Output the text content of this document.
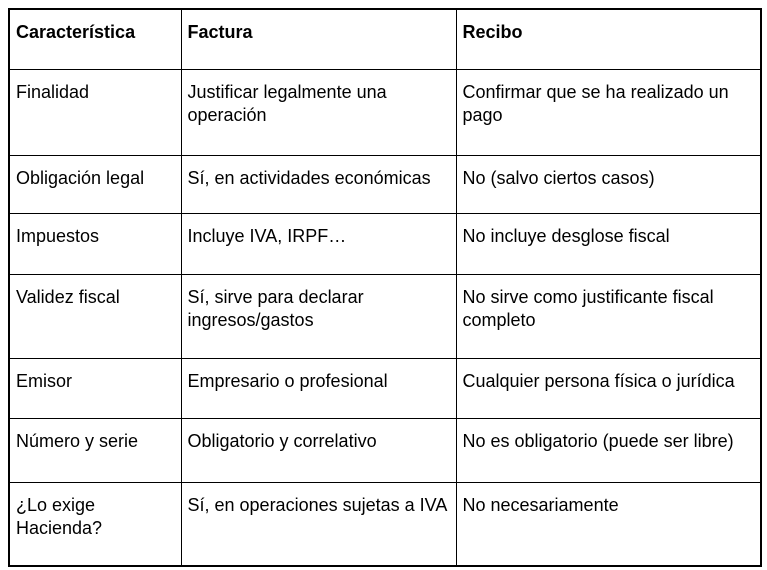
Característica	Factura	Recibo
Finalidad	Justificar legalmente una operación	Confirmar que se ha realizado un pago
Obligación legal	Sí, en actividades económicas	No (salvo ciertos casos)
Impuestos	Incluye IVA, IRPF…	No incluye desglose fiscal
Validez fiscal	Sí, sirve para declarar ingresos/gastos	No sirve como justificante fiscal completo
Emisor	Empresario o profesional	Cualquier persona física o jurídica
Número y serie	Obligatorio y correlativo	No es obligatorio (puede ser libre)
¿Lo exige Hacienda?	Sí, en operaciones sujetas a IVA	No necesariamente
